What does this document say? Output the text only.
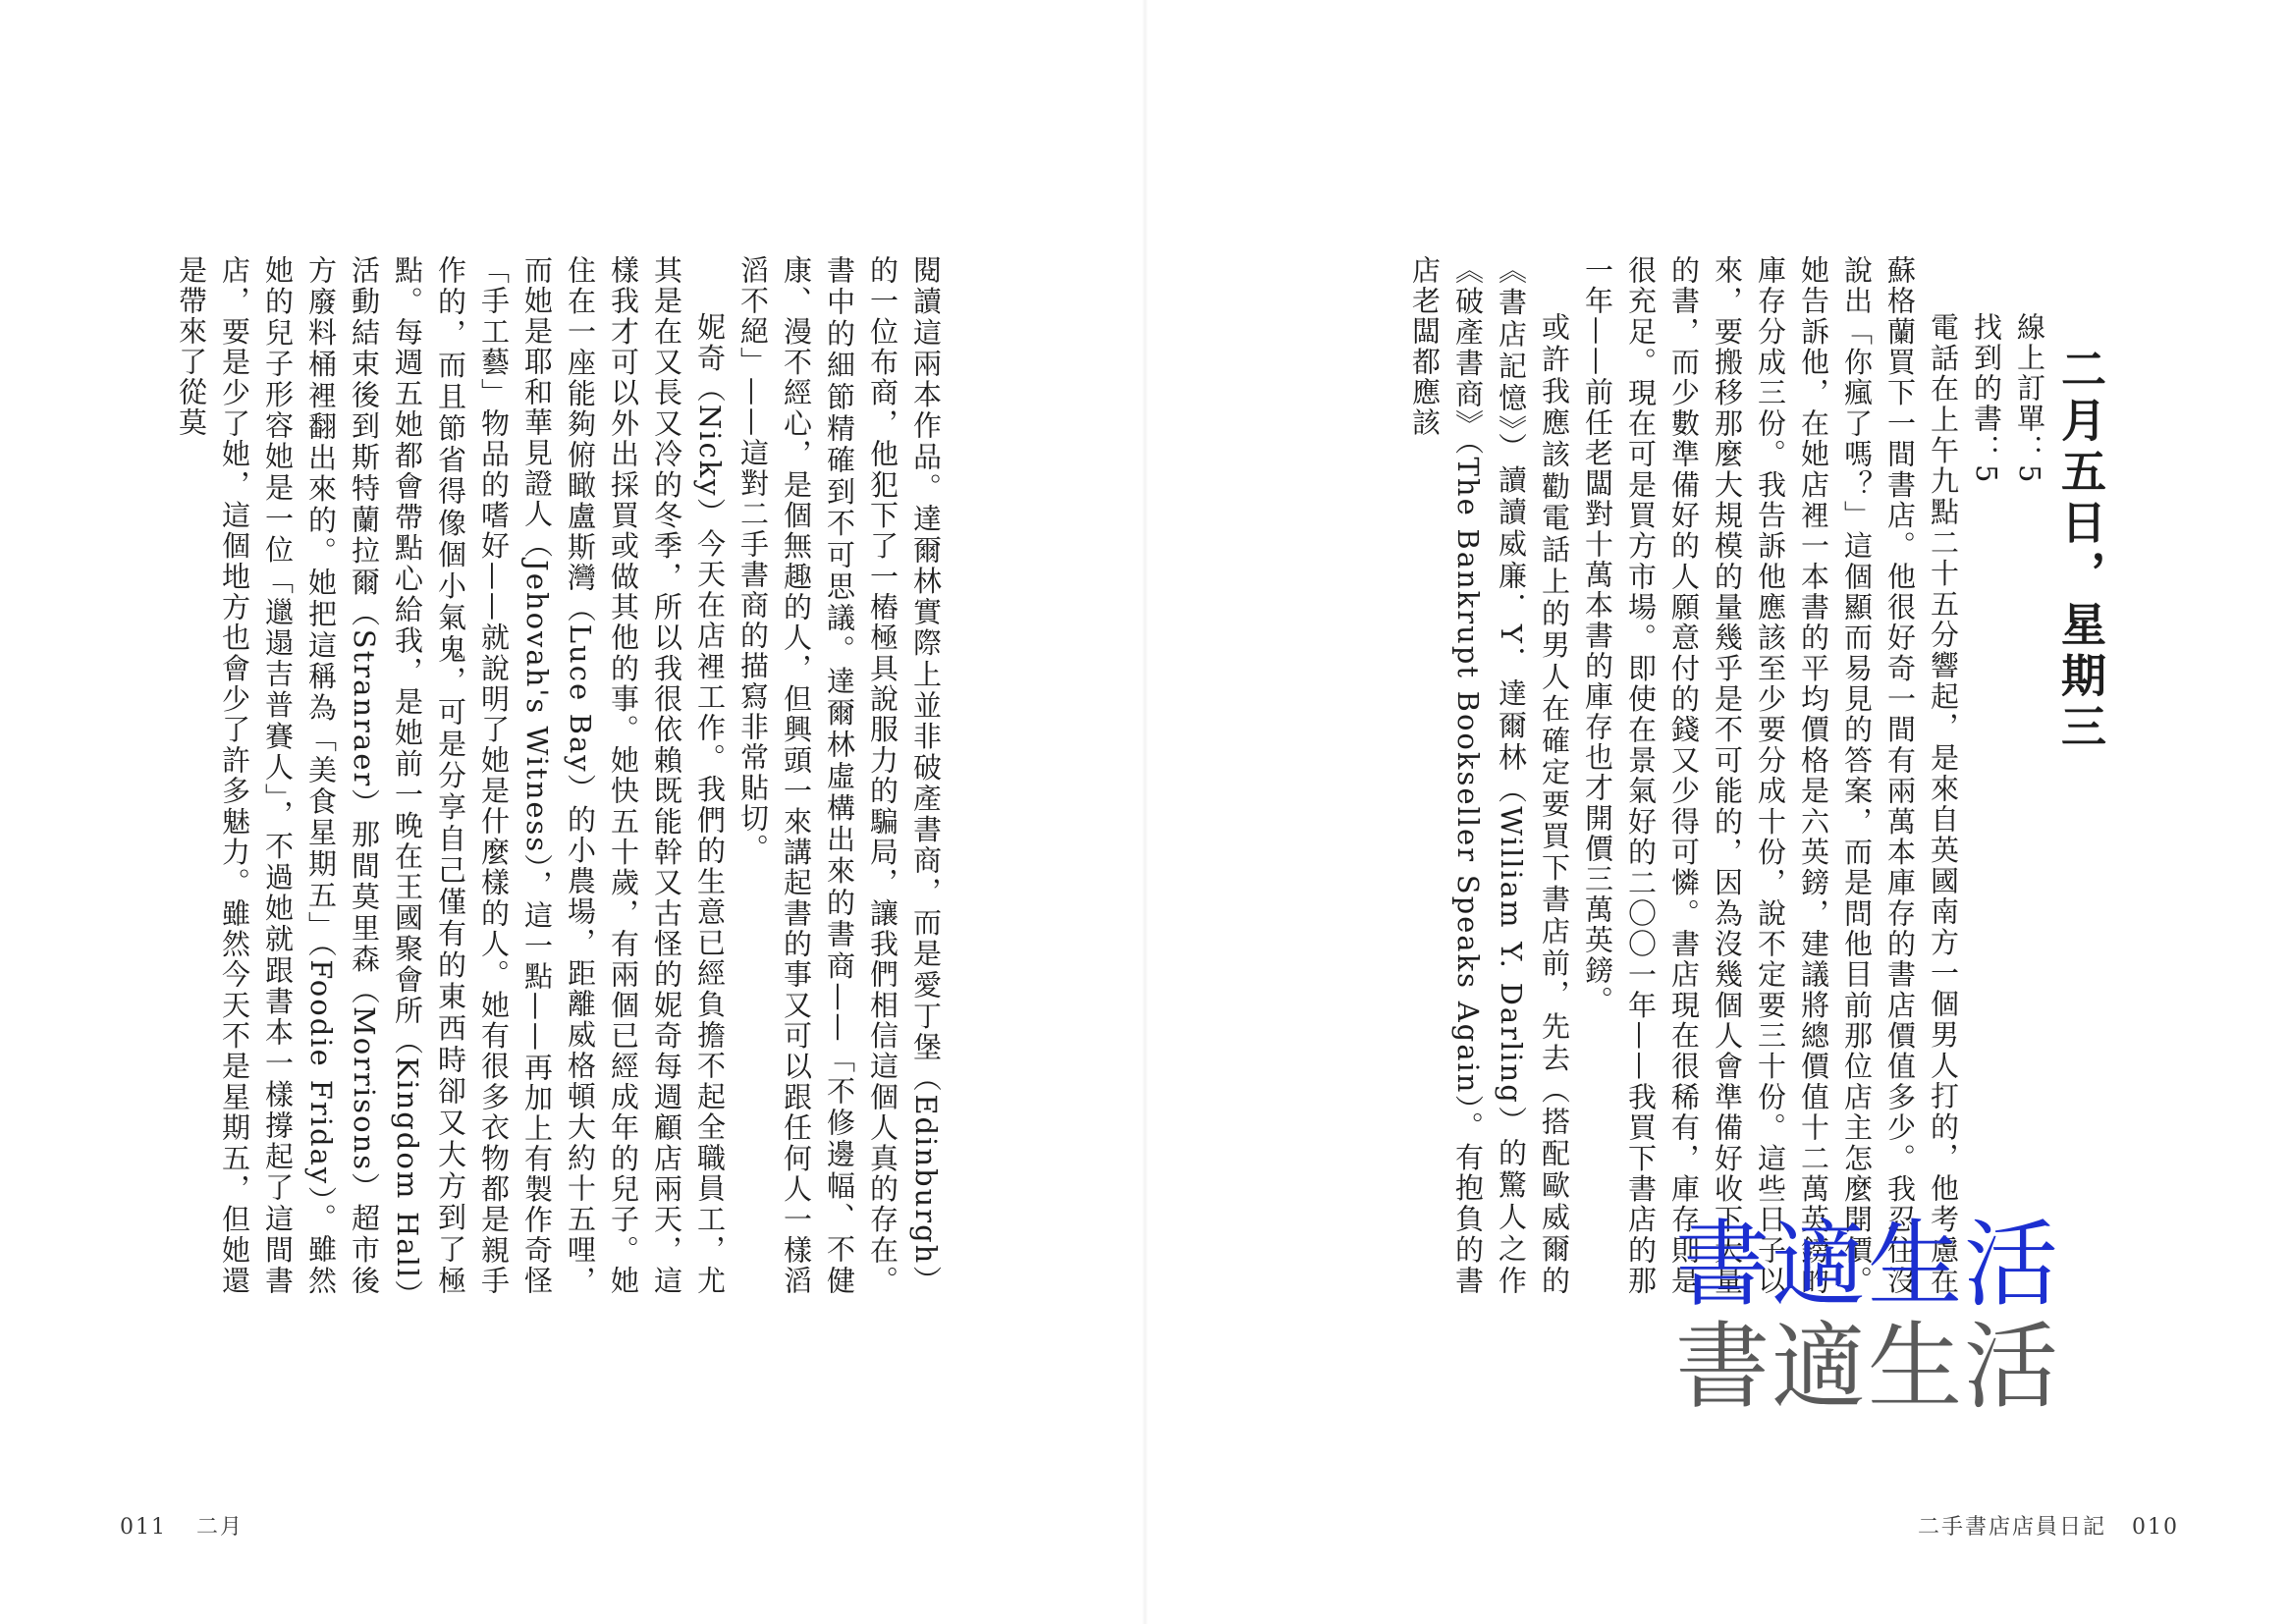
閱讀這兩本作品。達爾林實際上並非破產書商，而是愛丁堡（Edinburgh）的一位布商，他犯下了一樁極具說服力的騙局，讓我們相信這個人真的存在。書中的細節精確到不可思議。達爾林虛構出來的書商——「不修邊幅、不健康、漫不經心，是個無趣的人，但興頭一來講起書的事又可以跟任何人一樣滔滔不絕」——這對二手書商的描寫非常貼切。

妮奇（Nicky）今天在店裡工作。我們的生意已經負擔不起全職員工，尤其是在又長又冷的冬季，所以我很依賴既能幹又古怪的妮奇每週顧店兩天，這樣我才可以外出採買或做其他的事。她快五十歲，有兩個已經成年的兒子。她住在一座能夠俯瞰盧斯灣（Luce Bay）的小農場，距離威格頓大約十五哩，而她是耶和華見證人（Jehovah's Witness），這一點——再加上有製作奇怪「手工藝」物品的嗜好——就說明了她是什麼樣的人。她有很多衣物都是親手作的，而且節省得像個小氣鬼，可是分享自己僅有的東西時卻又大方到了極點。每週五她都會帶點心給我，是她前一晚在王國聚會所（Kingdom Hall）活動結束後到斯特蘭拉爾（Stranraer）那間莫里森（Morrisons）超市後方廢料桶裡翻出來的。她把這稱為「美食星期五」（Foodie Friday）。雖然她的兒子形容她是一位「邋遢吉普賽人」，不過她就跟書本一樣撐起了這間書店，要是少了她，這個地方也會少了許多魅力。雖然今天不是星期五，但她還是帶來了從莫

011 二月

二月五日，星期三

線上訂單：5

找到的書：5

電話在上午九點二十五分響起，是來自英國南方一個男人打的，他考慮在蘇格蘭買下一間書店。他很好奇一間有兩萬本庫存的書店價值多少。我忍住沒說出「你瘋了嗎？」這個顯而易見的答案，而是問他目前那位店主怎麼開價。她告訴他，在她店裡一本書的平均價格是六英鎊，建議將總價值十二萬英鎊的庫存分成三份。我告訴他應該至少要分成十份，說不定要三十份。這些日子以來，要搬移那麼大規模的量幾乎是不可能的，因為沒幾個人會準備好收下大量的書，而少數準備好的人願意付的錢又少得可憐。書店現在很稀有，庫存則是很充足。現在可是買方市場。即使在景氣好的二〇〇一年——我買下書店的那一年——前任老闆對十萬本書的庫存也才開價三萬英鎊。

或許我應該勸電話上的男人在確定要買下書店前，先去（搭配歐威爾的《書店記憶》）讀讀威廉．Y．達爾林（William Y. Darling）的驚人之作《破產書商》（The Bankrupt Bookseller Speaks Again）。有抱負的書店老闆都應該

二手書店店員日記 010
書適生活
書適生活
